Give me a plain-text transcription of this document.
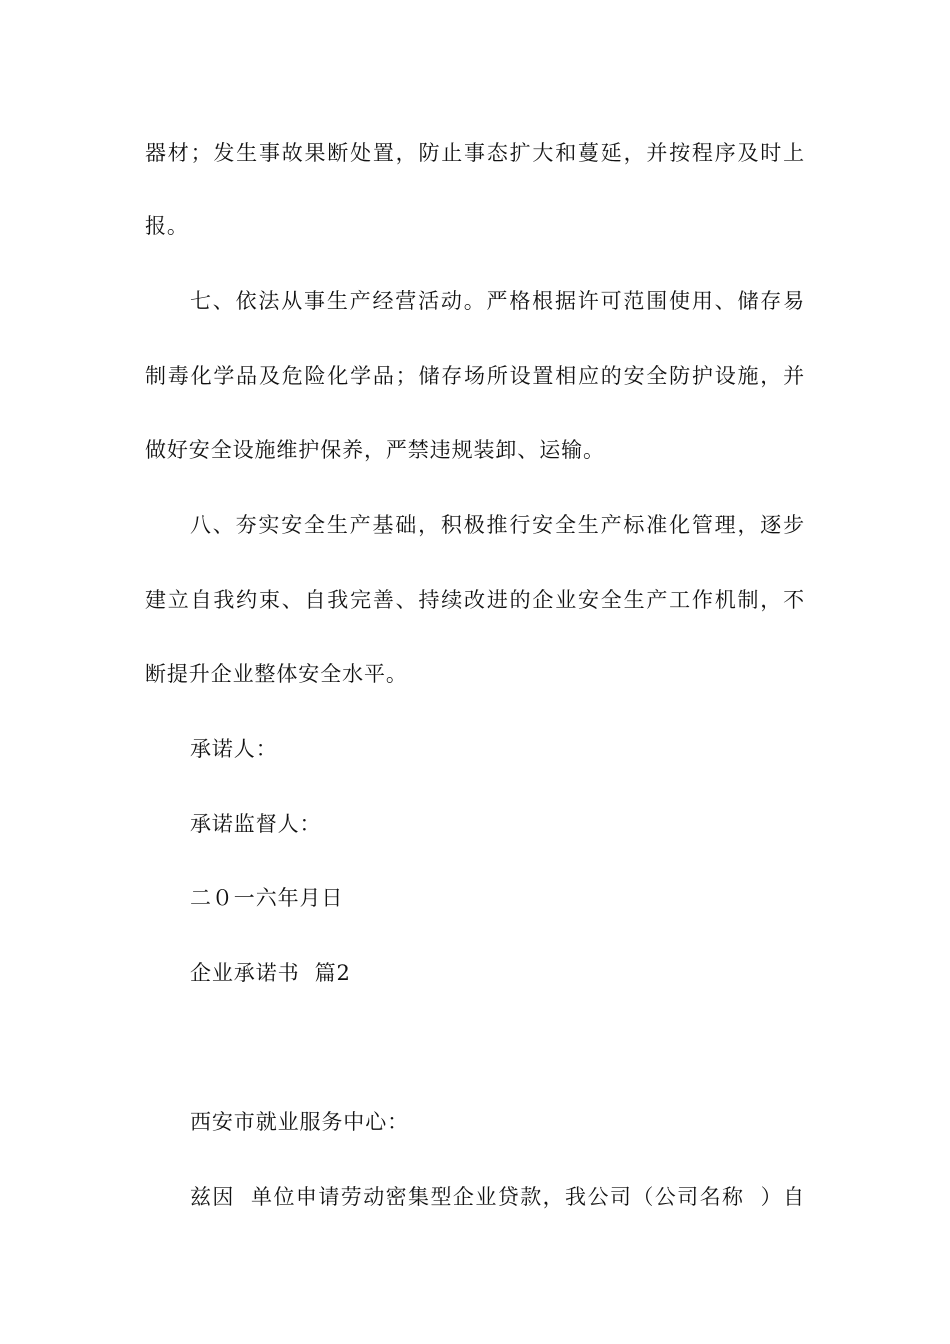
器材；发生事故果断处置，防止事态扩大和蔓延，并按程序及时上
报。
七、依法从事生产经营活动。严格根据许可范围使用、储存易
制毒化学品及危险化学品；储存场所设置相应的安全防护设施，并
做好安全设施维护保养，严禁违规装卸、运输。
八、夯实安全生产基础，积极推行安全生产标准化管理，逐步
建立自我约束、自我完善、持续改进的企业安全生产工作机制，不
断提升企业整体安全水平。
承诺人：
承诺监督人：
二０一六年月日
企业承诺书  篇2
西安市就业服务中心：
兹因  单位申请劳动密集型企业贷款，我公司（公司名称  ）自
